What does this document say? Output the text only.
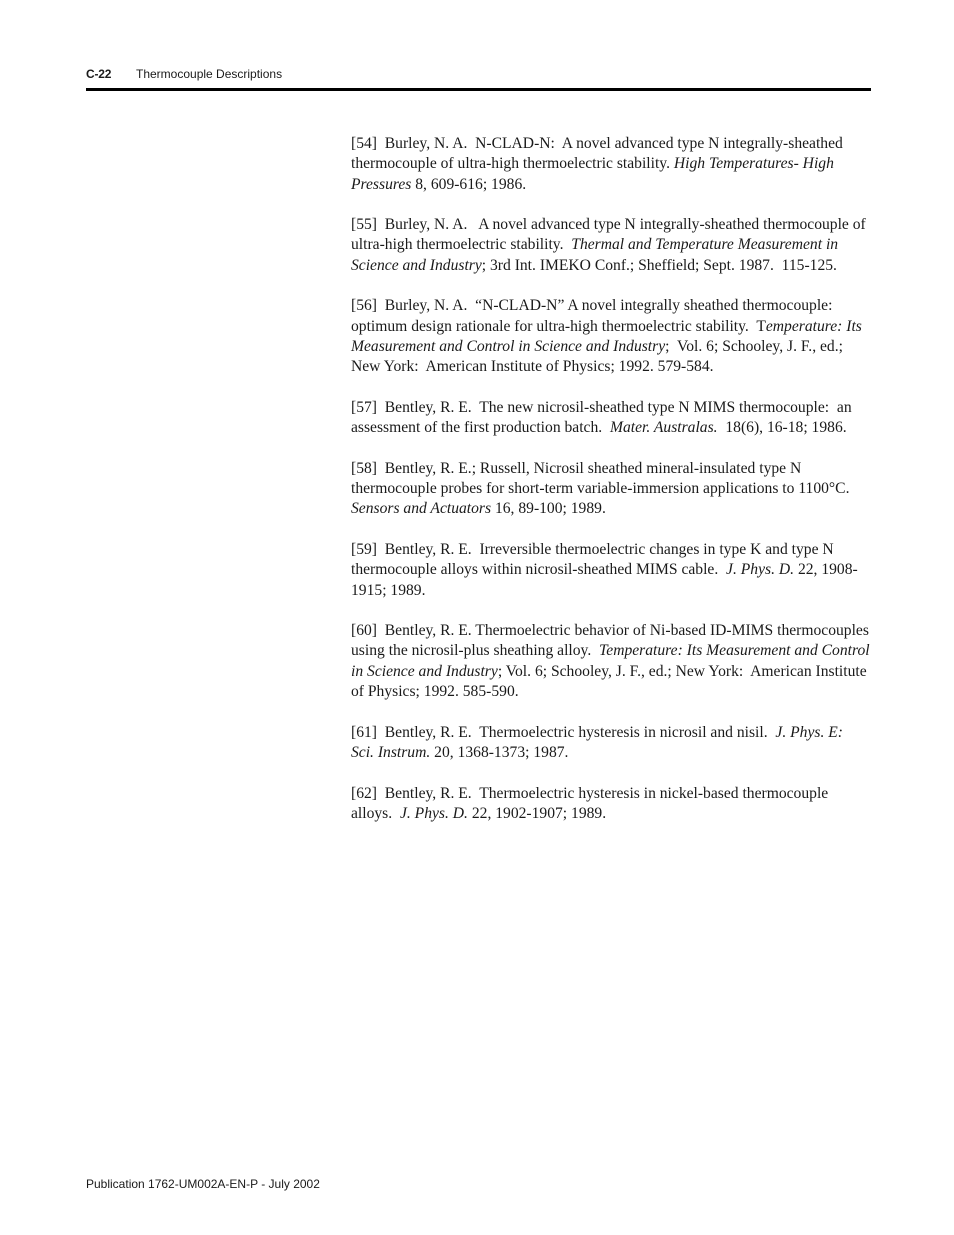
C-22 Thermocouple Descriptions

[54]  Burley, N. A.  N-CLAD-N:  A novel advanced type N integrally-sheathed thermocouple of ultra-high thermoelectric stability. High Temperatures- High Pressures 8, 609-616; 1986.

[55]  Burley, N. A.   A novel advanced type N integrally-sheathed thermocouple of ultra-high thermoelectric stability.  Thermal and Temperature Measurement in Science and Industry; 3rd Int. IMEKO Conf.; Sheffield; Sept. 1987.  115-125.

[56]  Burley, N. A.  “N-CLAD-N” A novel integrally sheathed thermocouple:  optimum design rationale for ultra-high thermoelectric stability.  Temperature: Its Measurement and Control in Science and Industry;  Vol. 6; Schooley, J. F., ed.; New York:  American Institute of Physics; 1992. 579-584.

[57]  Bentley, R. E.  The new nicrosil-sheathed type N MIMS thermocouple:  an assessment of the first production batch.  Mater. Australas.  18(6), 16-18; 1986.

[58]  Bentley, R. E.; Russell, Nicrosil sheathed mineral-insulated type N thermocouple probes for short-term variable-immersion applications to 1100°C.  Sensors and Actuators 16, 89-100; 1989.

[59]  Bentley, R. E.  Irreversible thermoelectric changes in type K and type N thermocouple alloys within nicrosil-sheathed MIMS cable.  J. Phys. D. 22, 1908-1915; 1989.

[60]  Bentley, R. E. Thermoelectric behavior of Ni-based ID-MIMS thermocouples using the nicrosil-plus sheathing alloy.  Temperature: Its Measurement and Control in Science and Industry; Vol. 6; Schooley, J. F., ed.; New York:  American Institute of Physics; 1992. 585-590.

[61]  Bentley, R. E.  Thermoelectric hysteresis in nicrosil and nisil.  J. Phys. E:  Sci. Instrum. 20, 1368-1373; 1987.

[62]  Bentley, R. E.  Thermoelectric hysteresis in nickel-based thermocouple alloys.  J. Phys. D. 22, 1902-1907; 1989.

Publication 1762-UM002A-EN-P - July 2002
